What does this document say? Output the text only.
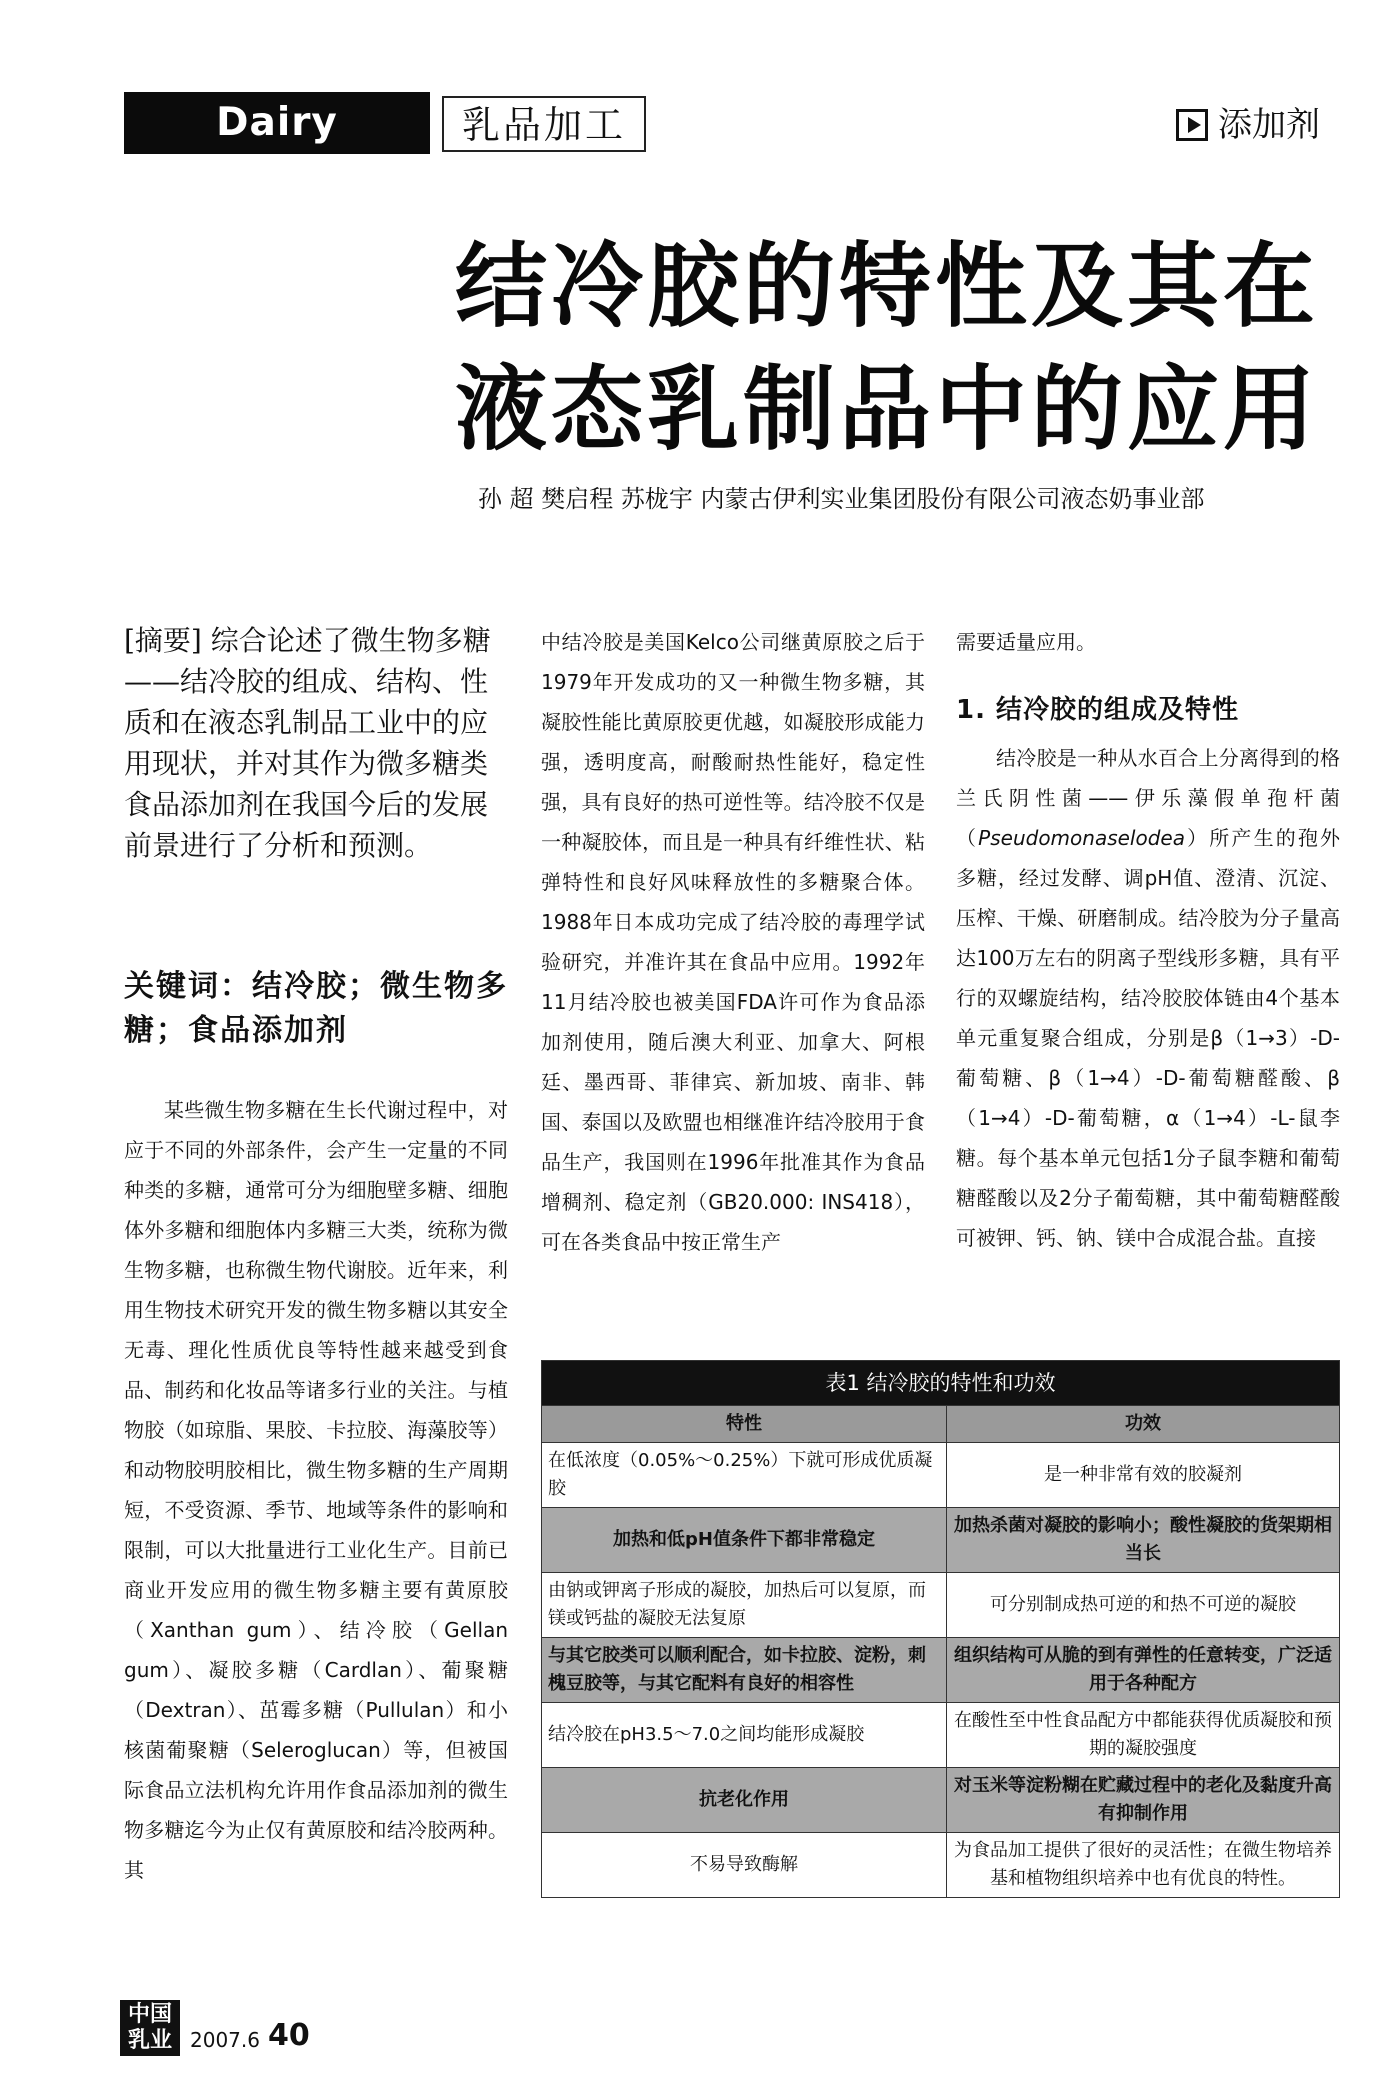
Dairy Industry
乳品加工	添加剂
结冷胶的特性及其在
液态乳制品中的应用
孙 超 樊启程 苏栊宇 内蒙古伊利实业集团股份有限公司液态奶事业部
[摘要] 综合论述了微生物多糖——结冷胶的组成、结构、性质和在液态乳制品工业中的应用现状，并对其作为微多糖类食品添加剂在我国今后的发展前景进行了分析和预测。
关键词：结冷胶；微生物多糖；食品添加剂

某些微生物多糖在生长代谢过程中，对应于不同的外部条件，会产生一定量的不同种类的多糖，通常可分为细胞壁多糖、细胞体外多糖和细胞体内多糖三大类，统称为微生物多糖，也称微生物代谢胶。近年来，利用生物技术研究开发的微生物多糖以其安全无毒、理化性质优良等特性越来越受到食品、制药和化妆品等诸多行业的关注。与植物胶（如琼脂、果胶、卡拉胶、海藻胶等）和动物胶明胶相比，微生物多糖的生产周期短，不受资源、季节、地域等条件的影响和限制，可以大批量进行工业化生产。目前已商业开发应用的微生物多糖主要有黄原胶（Xanthan gum）、结冷胶（Gellan gum）、凝胶多糖（Cardlan）、葡聚糖（Dextran）、茁霉多糖（Pullulan）和小核菌葡聚糖（Seleroglucan）等，但被国际食品立法机构允许用作食品添加剂的微生物多糖迄今为止仅有黄原胶和结冷胶两种。其

中结冷胶是美国Kelco公司继黄原胶之后于1979年开发成功的又一种微生物多糖，其凝胶性能比黄原胶更优越，如凝胶形成能力强，透明度高，耐酸耐热性能好，稳定性强，具有良好的热可逆性等。结冷胶不仅是一种凝胶体，而且是一种具有纤维性状、粘弹特性和良好风味释放性的多糖聚合体。1988年日本成功完成了结冷胶的毒理学试验研究，并准许其在食品中应用。1992年11月结冷胶也被美国FDA许可作为食品添加剂使用，随后澳大利亚、加拿大、阿根廷、墨西哥、菲律宾、新加坡、南非、韩国、泰国以及欧盟也相继准许结冷胶用于食品生产，我国则在1996年批准其作为食品增稠剂、稳定剂（GB20.000: INS418），可在各类食品中按正常生产

需要适量应用。

1. 结冷胶的组成及特性

结冷胶是一种从水百合上分离得到的格兰氏阴性菌——伊乐藻假单孢杆菌（Pseudomonaselodea）所产生的孢外多糖，经过发酵、调pH值、澄清、沉淀、压榨、干燥、研磨制成。结冷胶为分子量高达100万左右的阴离子型线形多糖，具有平行的双螺旋结构，结冷胶胶体链由4个基本单元重复聚合组成，分别是β（1→3）-D-葡萄糖、β（1→4）-D-葡萄糖醛酸、β（1→4）-D-葡萄糖，α（1→4）-L-鼠李糖。每个基本单元包括1分子鼠李糖和葡萄糖醛酸以及2分子葡萄糖，其中葡萄糖醛酸可被钾、钙、钠、镁中合成混合盐。直接

表1 结冷胶的特性和功效	
特性	功效
在低浓度（0.05%～0.25%）下就可形成优质凝胶	是一种非常有效的胶凝剂
加热和低pH值条件下都非常稳定	加热杀菌对凝胶的影响小；酸性凝胶的货架期相当长
由钠或钾离子形成的凝胶，加热后可以复原，而镁或钙盐的凝胶无法复原	可分别制成热可逆的和热不可逆的凝胶
与其它胶类可以顺利配合，如卡拉胶、淀粉，刺槐豆胶等，与其它配料有良好的相容性	组织结构可从脆的到有弹性的任意转变，广泛适用于各种配方
结冷胶在pH3.5～7.0之间均能形成凝胶	在酸性至中性食品配方中都能获得优质凝胶和预期的凝胶强度
抗老化作用	对玉米等淀粉糊在贮藏过程中的老化及黏度升高有抑制作用
不易导致酶解	为食品加工提供了很好的灵活性；在微生物培养基和植物组织培养中也有优良的特性。
中国乳业 2007.6 40
